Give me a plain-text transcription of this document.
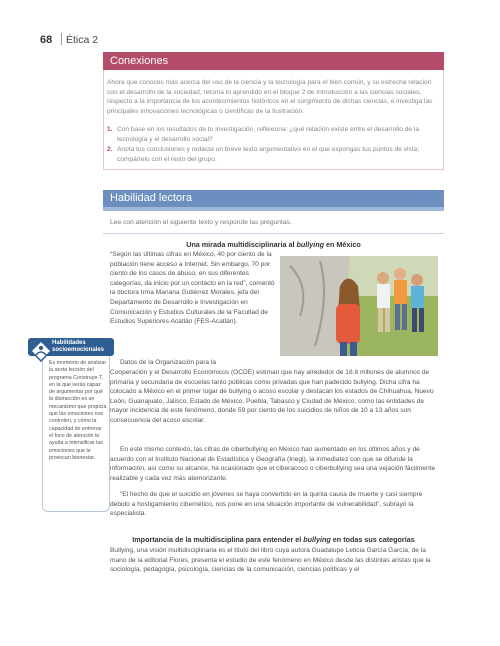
68 Ética 2
Conexiones
Ahora que conoces más acerca del uso de la ciencia y la tecnología para el bien común, y su estrecha relación con el desarrollo de la sociedad, retoma lo aprendido en el bloque 2 de Introducción a las ciencias sociales, respecto a la importancia de los acontecimientos históricos en el surgimiento de dichas ciencias, e investiga las principales innovaciones tecnológicas o científicas de la Ilustración.
1. Con base en los resultados de tu investigación, reflexiona: ¿qué relación existe entre el desarrollo de la tecnología y el desarrollo social?
2. Anota tus conclusiones y redacta un breve texto argumentativo en el que expongas tus puntos de vista; compártelo con el resto del grupo.
Habilidad lectora
Lee con atención el siguiente texto y responde las preguntas.
Una mirada multidisciplinaria al bullying en México
“Según las últimas cifras en México, 40 por ciento de la población tiene acceso a Internet. Sin embargo, 70 por ciento de los casos de abuso, en sus diferentes categorías, da inicio por un contacto en la red”, comentó la doctora Irma Mariana Gutiérrez Morales, jefa del Departamento de Desarrollo e Investigación en Comunicación y Estudios Culturales de la Facultad de Estudios Superiores Acatlán (FES-Acatlán).
Datos de la Organización para la
Cooperación y el Desarrollo Económicos (OCDE) estiman que hay alrededor de 18.8 millones de alumnos de primaria y secundaria de escuelas tanto públicas como privadas que han padecido bullying. Dicha cifra ha colocado a México en el primer lugar de bullying o acoso escolar y destacan los estados de Chihuahua, Nuevo León, Guanajuato, Jalisco, Estado de México, Puebla, Tabasco y Ciudad de México, como las entidades de mayor incidencia de este fenómeno, donde 59 por ciento de los suicidios de niños de 10 a 13 años son consecuencia del acoso escolar.
En este mismo contexto, las cifras de ciberbullying en México han aumentado en los últimos años y de acuerdo con el Instituto Nacional de Estadística y Geografía (Inegi), la inmediatez con que se difunde la información, así como su alcance, ha ocasionado que el ciberacoso o ciberbullying sea una vejación fácilmente realizable y cada vez más atemorizante.
“El hecho de que el suicidio en jóvenes se haya convertido en la quinta causa de muerte y casi siempre debido a hostigamiento cibernético, nos pone en una situación importante de vulnerabilidad”, subrayó la especialista.
Habilidades socioemocionales
Es momento de analizar la sexta lección del programa Construye-T, en la que serás capaz de argumentar por qué la distracción es un mecanismo que propicia que las emociones nos controlen, y cómo la capacidad de entrenar el foco de atención te ayuda a intensificar las emociones que te provocan bienestar.
Importancia de la multidisciplina para entender el bullying en todas sus categorías
Bullying, una visión multidisciplinaria es el título del libro cuya autora Guadalupe Leticia García García, de la mano de la editorial Flores, presenta el estudio de este fenómeno en México desde las distintas aristas que la sociología, pedagogía, psicología, ciencias de la comunicación, ciencias políticas y el
